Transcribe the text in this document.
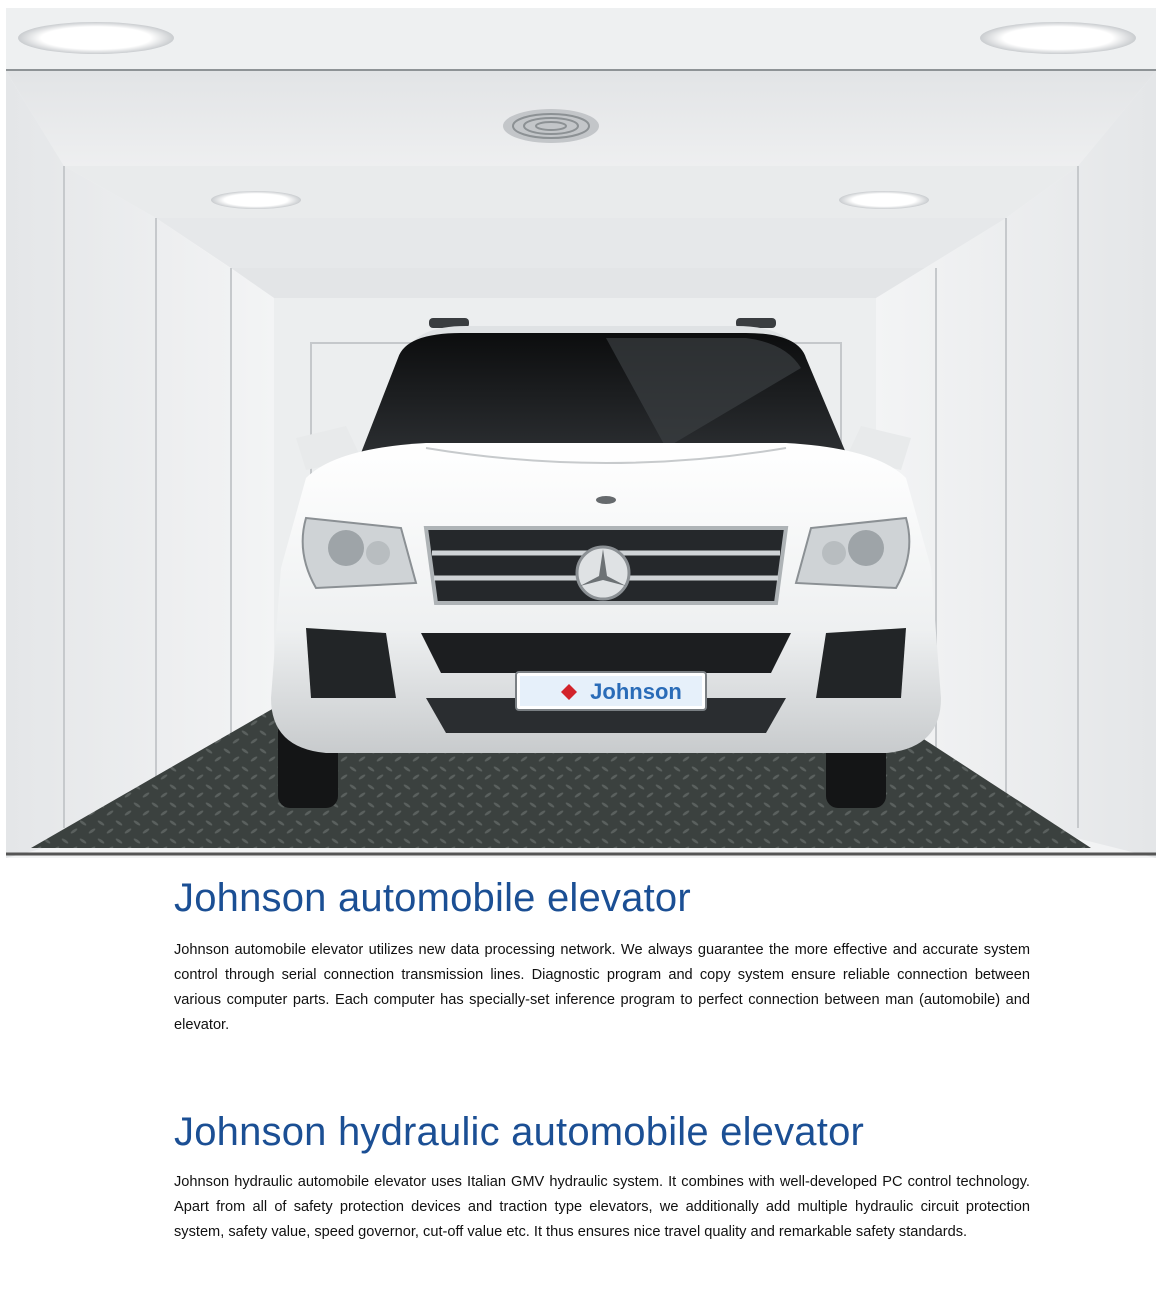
Johnson
Johnson automobile elevator

Johnson automobile elevator utilizes new data processing network. We always guarantee the more effective and accurate system control through serial connection transmission lines. Diagnostic program and copy system ensure reliable connection between various computer parts. Each computer has specially-set inference program to perfect connection between man (automobile) and elevator.

Johnson hydraulic automobile elevator

Johnson hydraulic automobile elevator uses Italian GMV hydraulic system. It combines with well-developed PC control technology. Apart from all of safety protection devices and traction type elevators, we additionally add multiple hydraulic circuit protection system, safety value, speed governor, cut-off value etc. It thus ensures nice travel quality and remarkable safety standards.
